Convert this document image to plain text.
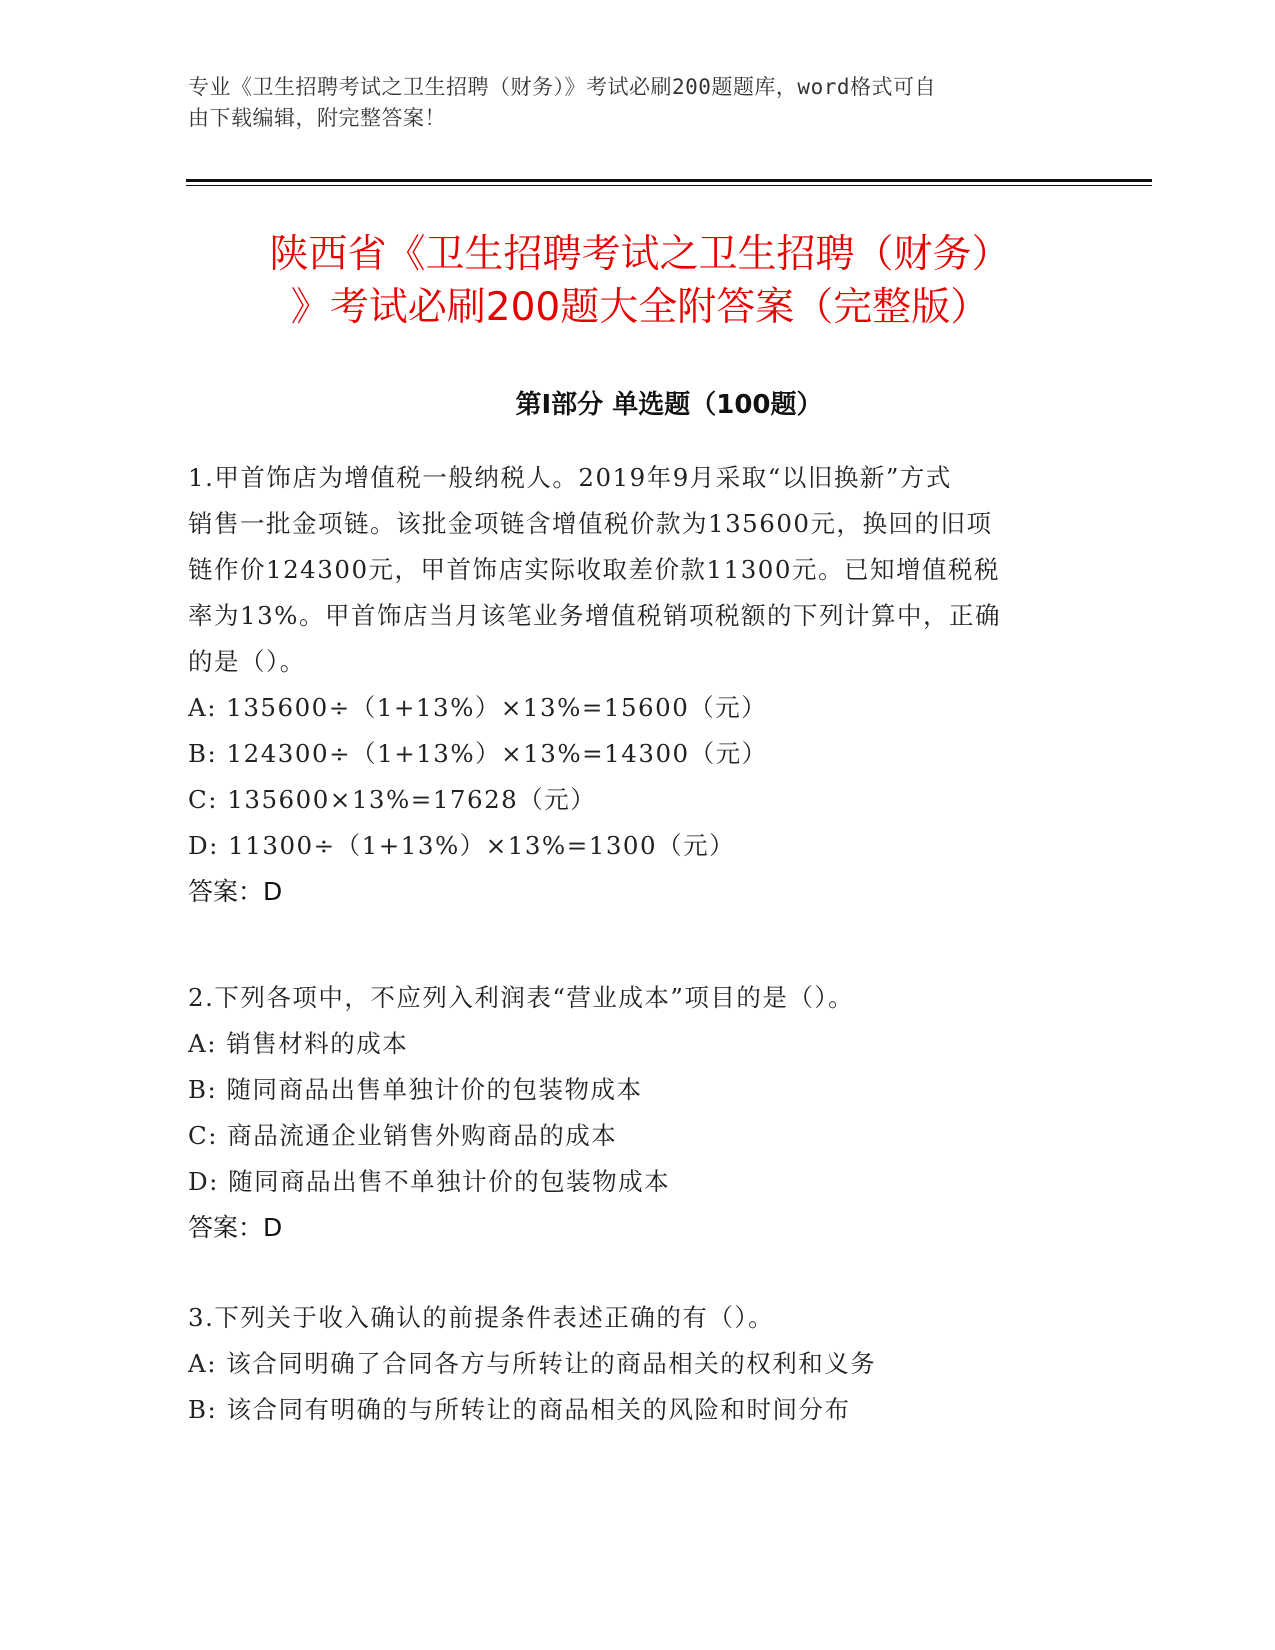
专业《卫生招聘考试之卫生招聘（财务）》考试必刷200题题库，word格式可自
由下载编辑，附完整答案！
陕西省《卫生招聘考试之卫生招聘（财务）
》考试必刷200题大全附答案（完整版）
第Ⅰ部分 单选题（100题）
1.甲首饰店为增值税一般纳税人。2019年9月采取“以旧换新”方式
销售一批金项链。该批金项链含增值税价款为135600元，换回的旧项
链作价124300元，甲首饰店实际收取差价款11300元。已知增值税税
率为13%。甲首饰店当月该笔业务增值税销项税额的下列计算中，正确
的是（）。
A: 135600÷（1+13%）×13%=15600（元）
B: 124300÷（1+13%）×13%=14300（元）
C: 135600×13%=17628（元）
D: 11300÷（1+13%）×13%=1300（元）
答案：D
2.下列各项中，不应列入利润表“营业成本”项目的是（）。
A: 销售材料的成本
B: 随同商品出售单独计价的包装物成本
C: 商品流通企业销售外购商品的成本
D: 随同商品出售不单独计价的包装物成本
答案：D
3.下列关于收入确认的前提条件表述正确的有（）。
A: 该合同明确了合同各方与所转让的商品相关的权利和义务
B: 该合同有明确的与所转让的商品相关的风险和时间分布
